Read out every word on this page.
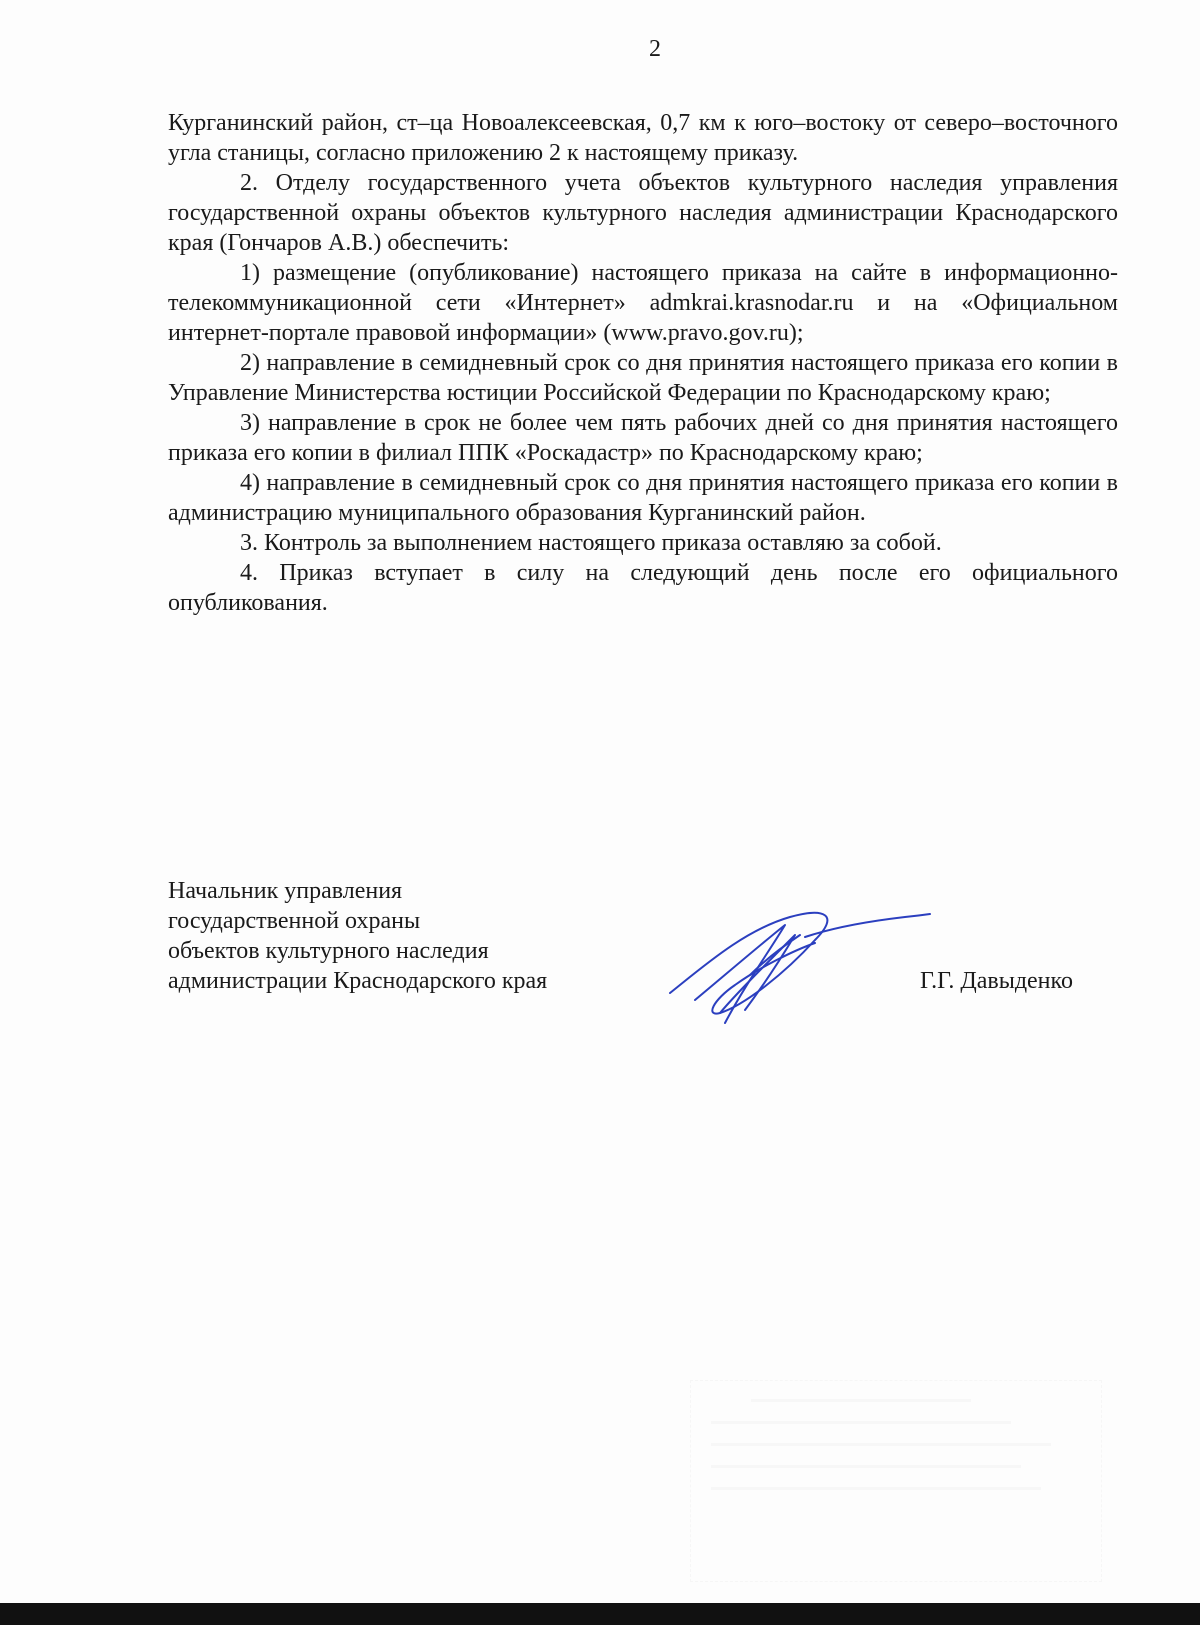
2

Курганинский район, ст–ца Новоалексеевская, 0,7 км к юго–востоку от северо–восточного угла станицы, согласно приложению 2 к настоящему приказу.

2. Отделу государственного учета объектов культурного наследия управления государственной охраны объектов культурного наследия администрации Краснодарского края (Гончаров А.В.) обеспечить:

1) размещение (опубликование) настоящего приказа на сайте в информационно-телекоммуникационной сети «Интернет» admkrai.krasnodar.ru и на «Официальном интернет-портале правовой информации» (www.pravo.gov.ru);

2) направление в семидневный срок со дня принятия настоящего приказа его копии в Управление Министерства юстиции Российской Федерации по Краснодарскому краю;

3) направление в срок не более чем пять рабочих дней со дня принятия настоящего приказа его копии в филиал ППК «Роскадастр» по Краснодарскому краю;

4) направление в семидневный срок со дня принятия настоящего приказа его копии в администрацию муниципального образования Курганинский район.

3. Контроль за выполнением настоящего приказа оставляю за собой.

4. Приказ вступает в силу на следующий день после его официального опубликования.

Начальник управления
государственной охраны
объектов культурного наследия
администрации Краснодарского края	Г.Г. Давыденко
